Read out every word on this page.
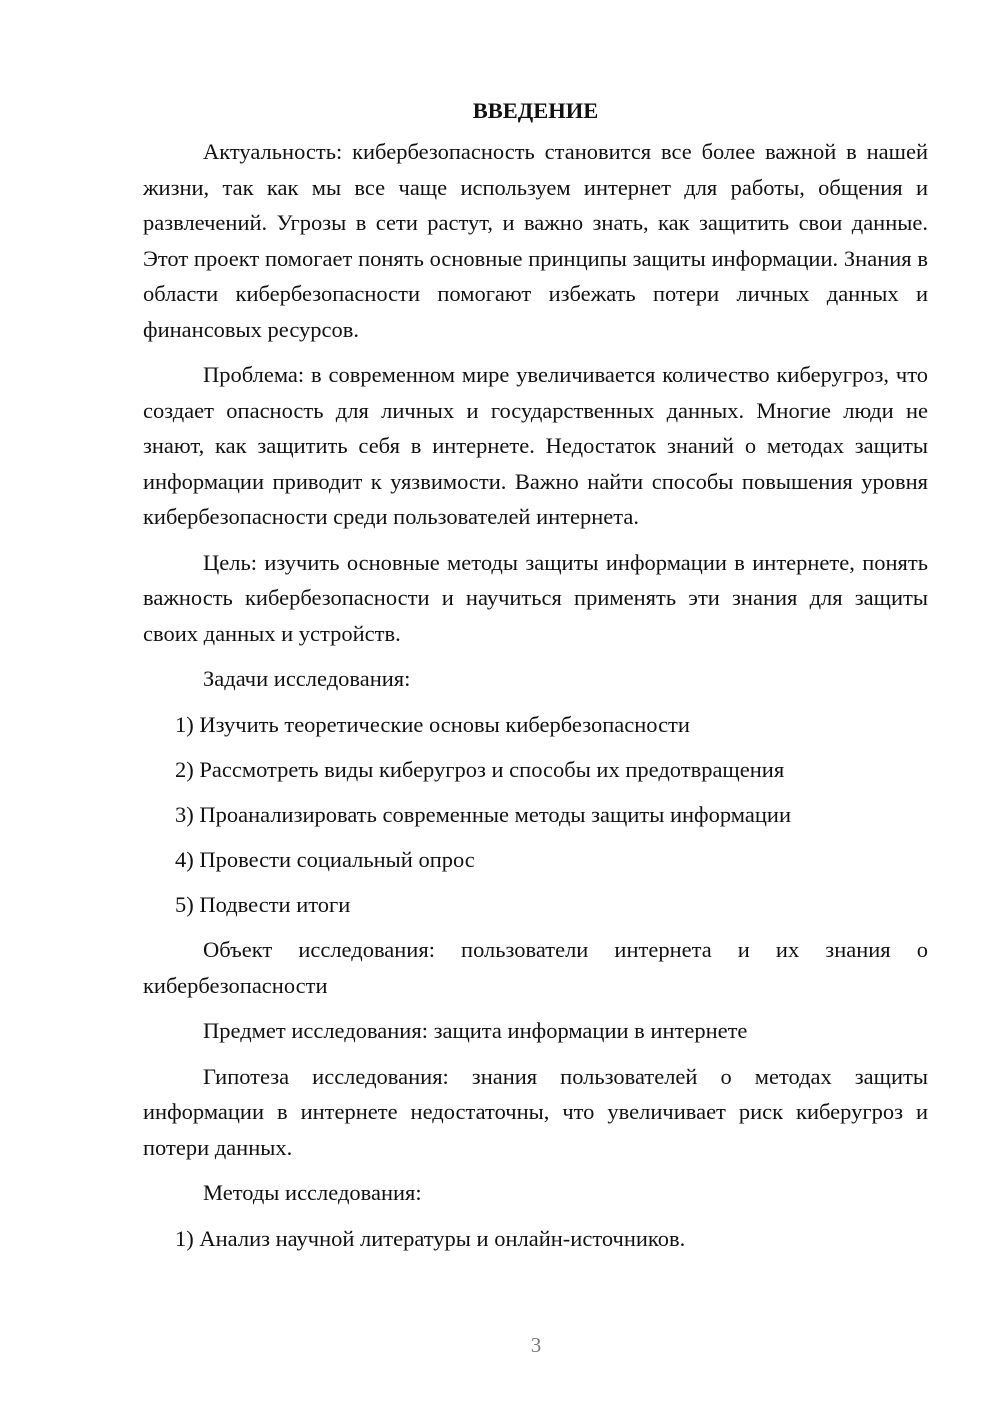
ВВЕДЕНИЕ

Актуальность: кибербезопасность становится все более важной в нашей жизни, так как мы все чаще используем интернет для работы, общения и развлечений. Угрозы в сети растут, и важно знать, как защитить свои данные. Этот проект помогает понять основные принципы защиты информации. Знания в области кибербезопасности помогают избежать потери личных данных и финансовых ресурсов.

Проблема: в современном мире увеличивается количество киберугроз, что создает опасность для личных и государственных данных. Многие люди не знают, как защитить себя в интернете. Недостаток знаний о методах защиты информации приводит к уязвимости. Важно найти способы повышения уровня кибербезопасности среди пользователей интернета.

Цель: изучить основные методы защиты информации в интернете, понять важность кибербезопасности и научиться применять эти знания для защиты своих данных и устройств.

Задачи исследования:

1) Изучить теоретические основы кибербезопасности
2) Рассмотреть виды киберугроз и способы их предотвращения
3) Проанализировать современные методы защиты информации
4) Провести социальный опрос
5) Подвести итоги

Объект исследования: пользователи интернета и их знания о кибербезопасности

Предмет исследования: защита информации в интернете

Гипотеза исследования: знания пользователей о методах защиты информации в интернете недостаточны, что увеличивает риск киберугроз и потери данных.

Методы исследования:

1) Анализ научной литературы и онлайн-источников.
3
